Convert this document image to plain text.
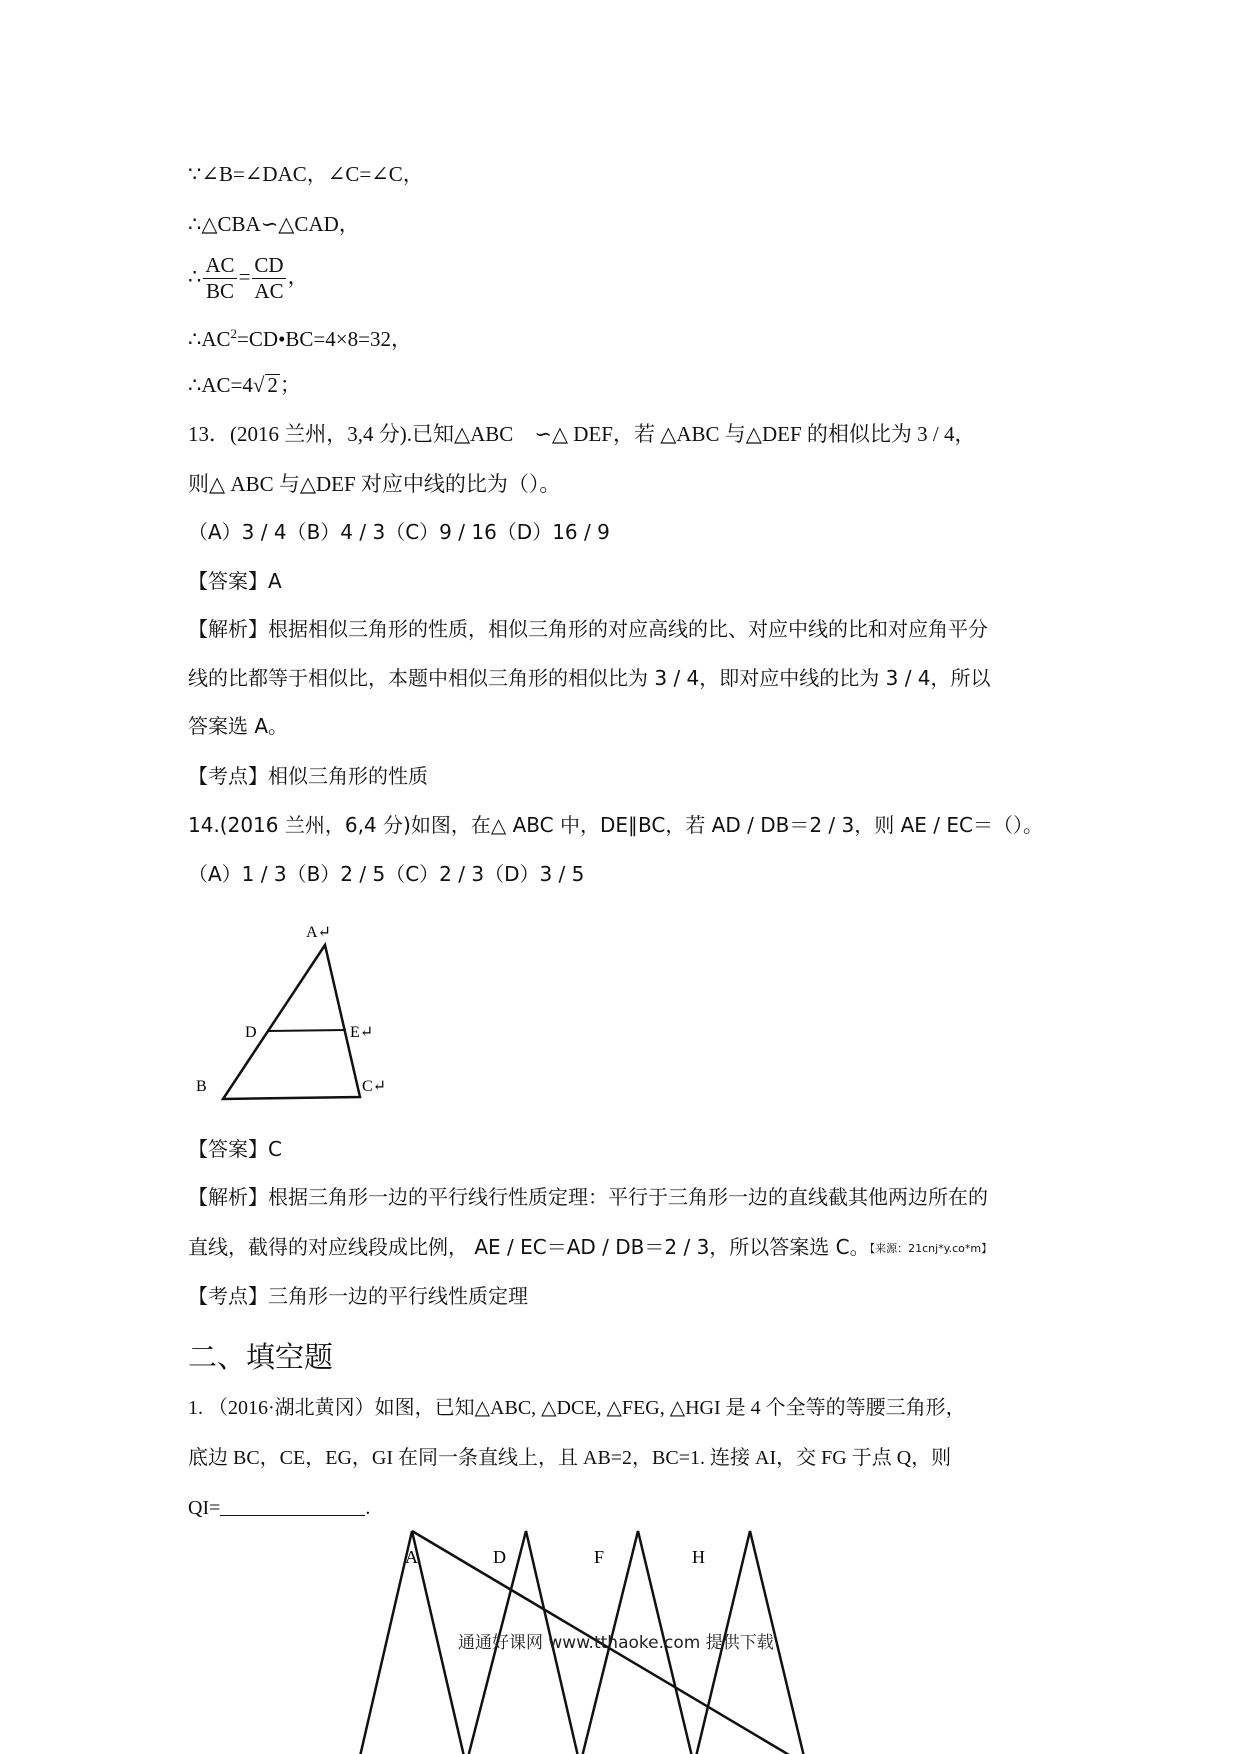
∵∠B=∠DAC，∠C=∠C，
∴△CBA∽△CAD，
∴ $\frac{AC}{BC} = \frac{CD}{AC}$ ，
$\therefore AC^2=CD•BC=4\times 8=32$，
∴AC=4√ 2；
13．(2016 兰州，3,4 分).已知△ABC　∽△ DEF，若 △ABC 与△DEF 的相似比为 3 / 4，
则△ ABC 与△DEF 对应中线的比为（）。
（A）3 / 4（B）4 / 3（C）9 / 16（D）16 / 9
【答案】A
【解析】根据相似三角形的性质，相似三角形的对应高线的比、对应中线的比和对应角平分
线的比都等于相似比，本题中相似三角形的相似比为 3 / 4，即对应中线的比为 3 / 4，所以
答案选 A。
【考点】相似三角形的性质
14.(2016 兰州，6,4 分)如图，在△ ABC 中，DE∥BC，若 AD / DB＝2 / 3，则 AE / EC＝（）。
（A）1 / 3（B）2 / 5（C）2 / 3（D）3 / 5
A↵
D	E↵
B	C↵
【答案】C
【解析】根据三角形一边的平行线行性质定理：平行于三角形一边的直线截其他两边所在的
直线，截得的对应线段成比例， AE / EC＝AD / DB＝2 / 3，所以答案选 C。【来源：21cnj*y.co*m】
【考点】三角形一边的平行线性质定理
二、填空题
1. （2016·湖北黄冈）如图，已知△ABC, △DCE, △FEG, △HGI 是 4 个全等的等腰三角形，
底边 BC，CE，EG，GI 在同一条直线上，且 AB=2，BC=1. 连接 AI，交 FG 于点 Q，则
QI=	.
A	D	F	H
通通好课网 www.tthaoke.com 提供下载
